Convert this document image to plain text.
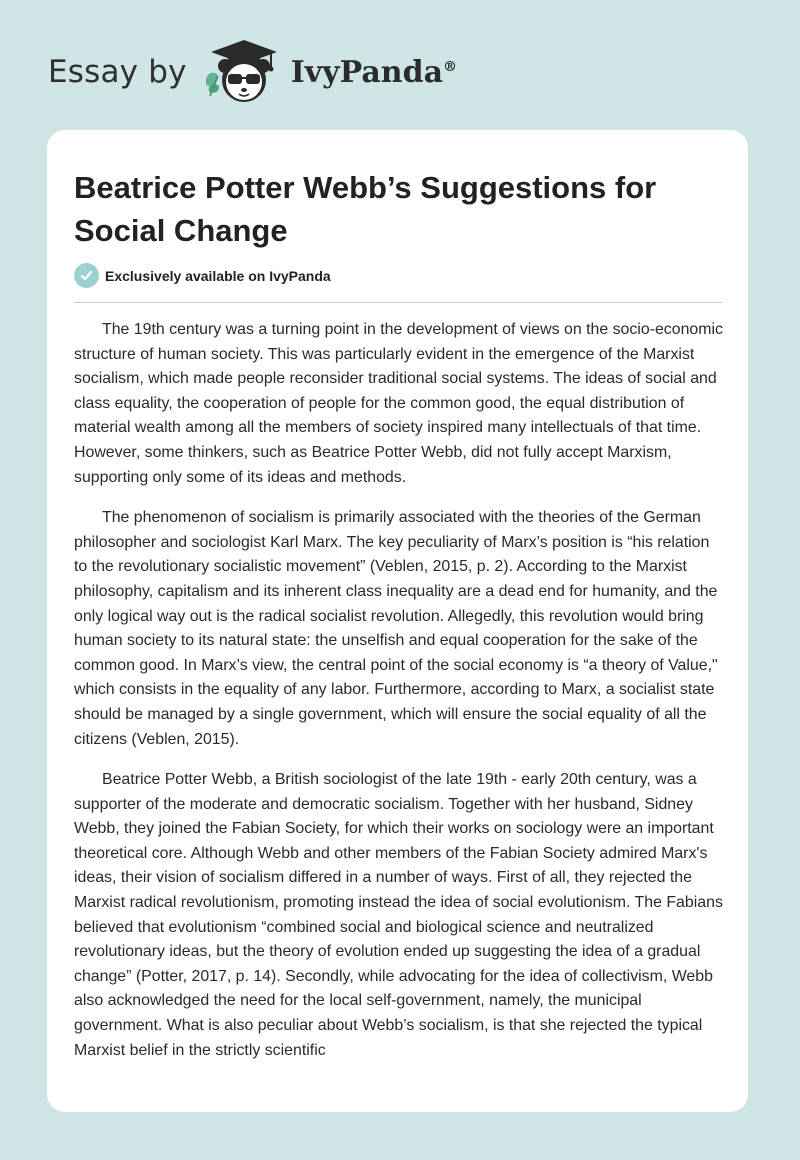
Essay by	IvyPanda®
Beatrice Potter Webb’s Suggestions for Social Change
Exclusively available on IvyPanda

The 19th century was a turning point in the development of views on the socio-economic structure of human society. This was particularly evident in the emergence of the Marxist socialism, which made people reconsider traditional social systems. The ideas of social and class equality, the cooperation of people for the common good, the equal distribution of material wealth among all the members of society inspired many intellectuals of that time. However, some thinkers, such as Beatrice Potter Webb, did not fully accept Marxism, supporting only some of its ideas and methods.

The phenomenon of socialism is primarily associated with the theories of the German philosopher and sociologist Karl Marx. The key peculiarity of Marx’s position is “his relation to the revolutionary socialistic movement” (Veblen, 2015, p. 2). According to the Marxist philosophy, capitalism and its inherent class inequality are a dead end for humanity, and the only logical way out is the radical socialist revolution. Allegedly, this revolution would bring human society to its natural state: the unselfish and equal cooperation for the sake of the common good. In Marx’s view, the central point of the social economy is “a theory of Value," which consists in the equality of any labor. Furthermore, according to Marx, a socialist state should be managed by a single government, which will ensure the social equality of all the citizens (Veblen, 2015).

Beatrice Potter Webb, a British sociologist of the late 19th - early 20th century, was a supporter of the moderate and democratic socialism. Together with her husband, Sidney Webb, they joined the Fabian Society, for which their works on sociology were an important theoretical core. Although Webb and other members of the Fabian Society admired Marx's ideas, their vision of socialism differed in a number of ways. First of all, they rejected the Marxist radical revolutionism, promoting instead the idea of social evolutionism. The Fabians believed that evolutionism “combined social and biological science and neutralized revolutionary ideas, but the theory of evolution ended up suggesting the idea of a gradual change” (Potter, 2017, p. 14). Secondly, while advocating for the idea of collectivism, Webb also acknowledged the need for the local self-government, namely, the municipal government. What is also peculiar about Webb’s socialism, is that she rejected the typical Marxist belief in the strictly scientific
